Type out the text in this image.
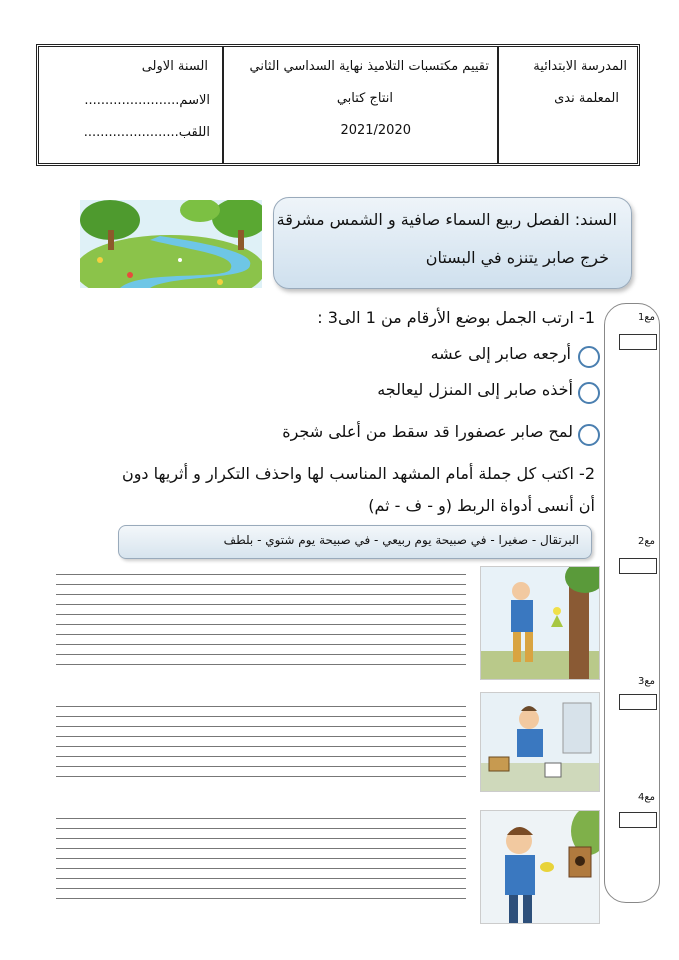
المدرسة الابتدائية
المعلمة ندى
تقييم مكتسبات التلاميذ نهاية السداسي الثاني
انتاج كتابي
2021/2020
السنة الاولى
الاسم.......................
اللقب.......................
السند: الفصل ربيع السماء صافية و الشمس مشرقة
خرج صابر يتنزه في البستان
مع1
مع2
مع3
مع4
1- ارتب الجمل بوضع الأرقام من 1 الى3 :
أرجعه صابر إلى عشه
أخذه صابر إلى المنزل ليعالجه
لمح صابر عصفورا قد سقط من أعلى شجرة
2- اكتب كل جملة أمام المشهد المناسب لها واحذف التكرار و أثريها دون
أن أنسى أدواة الربط (و - ف - ثم)
البرتقال - صغيرا - في صبيحة يوم ربيعي - في صبيحة يوم شتوي - بلطف
